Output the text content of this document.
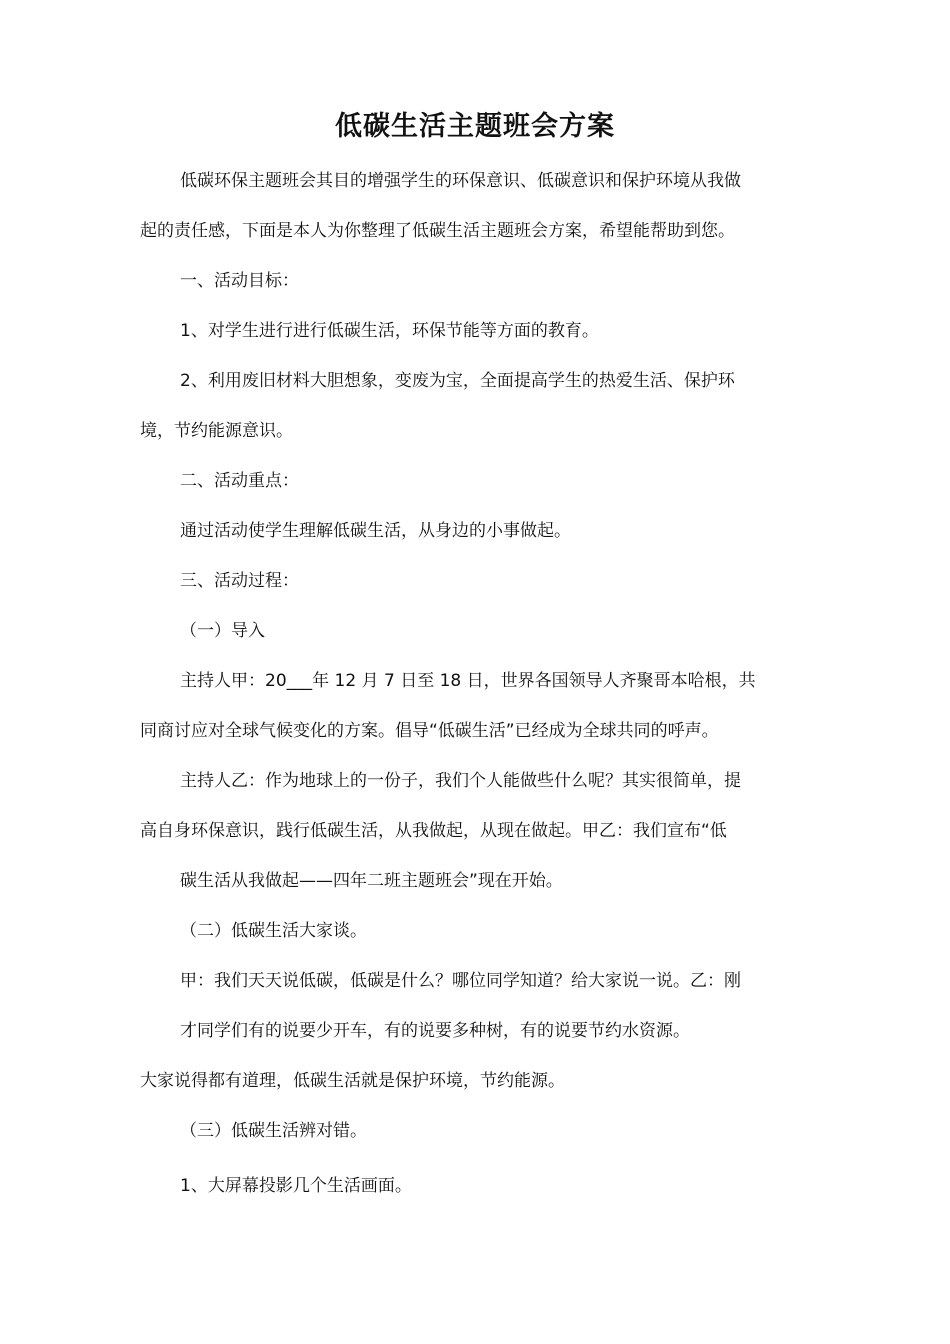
低碳生活主题班会方案
低碳环保主题班会其目的增强学生的环保意识、低碳意识和保护环境从我做
起的责任感，下面是本人为你整理了低碳生活主题班会方案，希望能帮助到您。
一、活动目标：
1、对学生进行进行低碳生活，环保节能等方面的教育。
2、利用废旧材料大胆想象，变废为宝，全面提高学生的热爱生活、保护环
境，节约能源意识。
二、活动重点：
通过活动使学生理解低碳生活，从身边的小事做起。
三、活动过程：
（一）导入
主持人甲：20___年 12 月 7 日至 18 日，世界各国领导人齐聚哥本哈根，共
同商讨应对全球气候变化的方案。倡导“低碳生活”已经成为全球共同的呼声。
主持人乙：作为地球上的一份子，我们个人能做些什么呢？其实很简单，提
高自身环保意识，践行低碳生活，从我做起，从现在做起。甲乙：我们宣布“低
碳生活从我做起——四年二班主题班会”现在开始。
（二）低碳生活大家谈。
甲：我们天天说低碳，低碳是什么？哪位同学知道？给大家说一说。乙：刚
才同学们有的说要少开车，有的说要多种树，有的说要节约水资源。
大家说得都有道理，低碳生活就是保护环境，节约能源。
（三）低碳生活辨对错。
1、大屏幕投影几个生活画面。
